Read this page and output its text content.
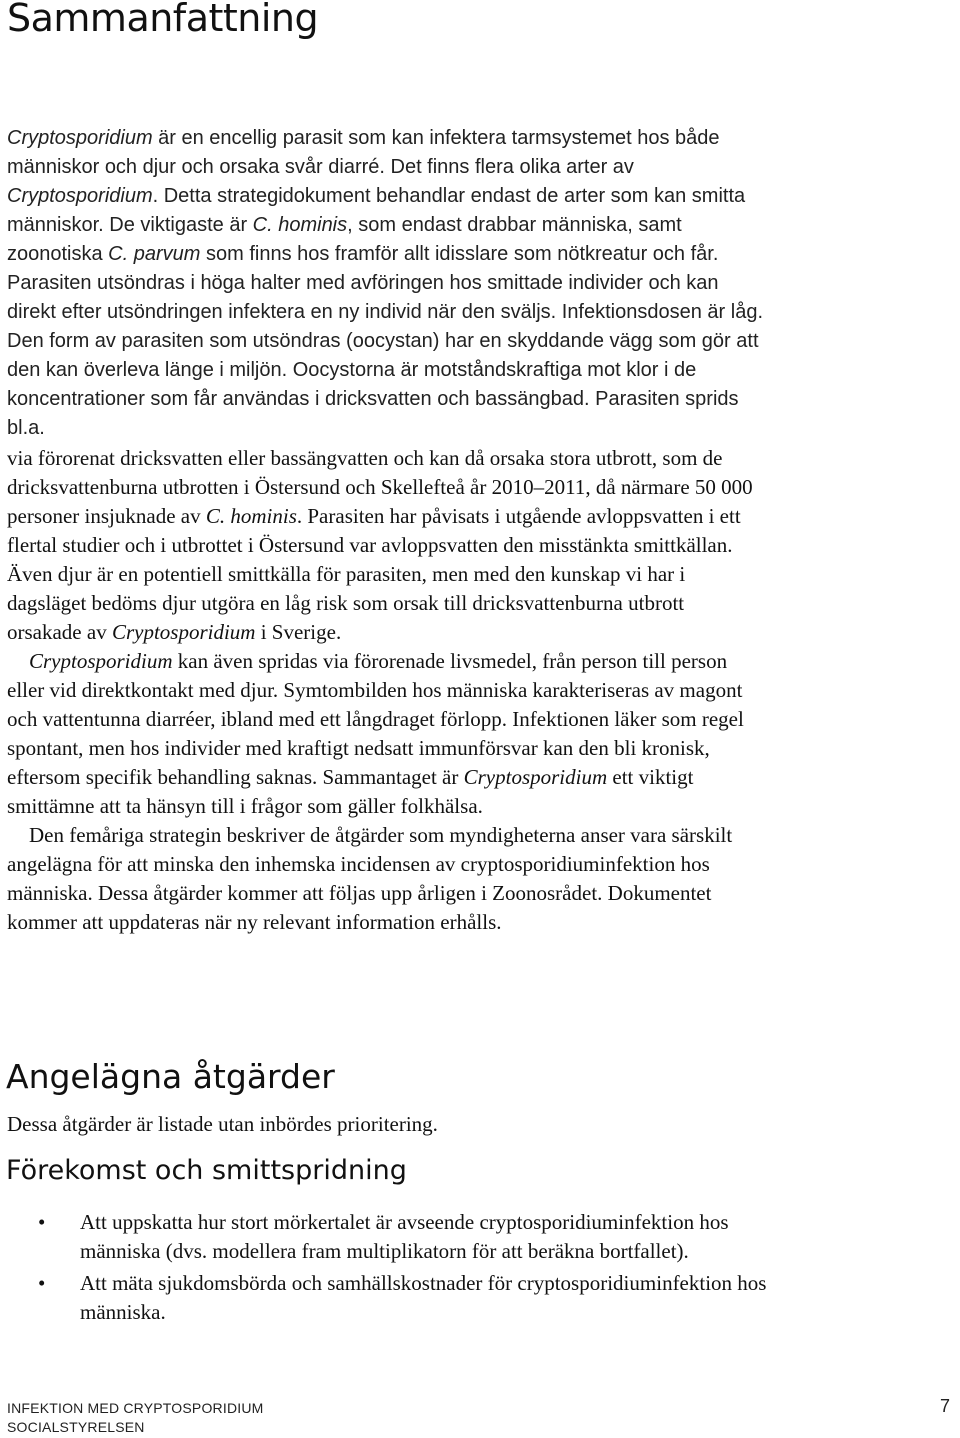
Sammanfattning
Cryptosporidium är en encellig parasit som kan infektera tarmsystemet hos både människor och djur och orsaka svår diarré. Det finns flera olika arter av Cryptosporidium. Detta strategidokument behandlar endast de arter som kan smitta människor. De viktigaste är C. hominis, som endast drabbar människa, samt zoonotiska C. parvum som finns hos framför allt idisslare som nötkreatur och får. Parasiten utsöndras i höga halter med avföringen hos smittade individer och kan direkt efter utsöndringen infektera en ny individ när den sväljs. Infektionsdosen är låg. Den form av parasiten som utsöndras (oocystan) har en skyddande vägg som gör att den kan överleva länge i miljön. Oocystorna är motståndskraftiga mot klor i de koncentrationer som får användas i dricksvatten och bassängbad. Parasiten sprids bl.a.

via förorenat dricksvatten eller bassängvatten och kan då orsaka stora utbrott, som de dricksvattenburna utbrotten i Östersund och Skellefteå år 2010–2011, då närmare 50 000 personer insjuknade av C. hominis. Parasiten har påvisats i utgående avloppsvatten i ett flertal studier och i utbrottet i Östersund var avloppsvatten den misstänkta smittkällan. Även djur är en potentiell smittkälla för parasiten, men med den kunskap vi har i dagsläget bedöms djur utgöra en låg risk som orsak till dricksvattenburna utbrott orsakade av Cryptosporidium i Sverige.

Cryptosporidium kan även spridas via förorenade livsmedel, från person till person eller vid direktkontakt med djur. Symtombilden hos människa karakteriseras av magont och vattentunna diarréer, ibland med ett långdraget förlopp. Infektionen läker som regel spontant, men hos individer med kraftigt nedsatt immunförsvar kan den bli kronisk, eftersom specifik behandling saknas. Sammantaget är Cryptosporidium ett viktigt smittämne att ta hänsyn till i frågor som gäller folkhälsa.

Den femåriga strategin beskriver de åtgärder som myndigheterna anser vara särskilt angelägna för att minska den inhemska incidensen av cryptosporidiuminfektion hos människa. Dessa åtgärder kommer att följas upp årligen i Zoonosrådet. Dokumentet kommer att uppdateras när ny relevant information erhålls.

Angelägna åtgärder

Dessa åtgärder är listade utan inbördes prioritering.

Förekomst och smittspridning
• Att uppskatta hur stort mörkertalet är avseende cryptosporidiuminfektion hos människa (dvs. modellera fram multiplikatorn för att beräkna bortfallet).
• Att mäta sjukdomsbörda och samhällskostnader för cryptosporidiuminfektion hos människa.
INFEKTION MED CRYPTOSPORIDIUM
SOCIALSTYRELSEN
7
